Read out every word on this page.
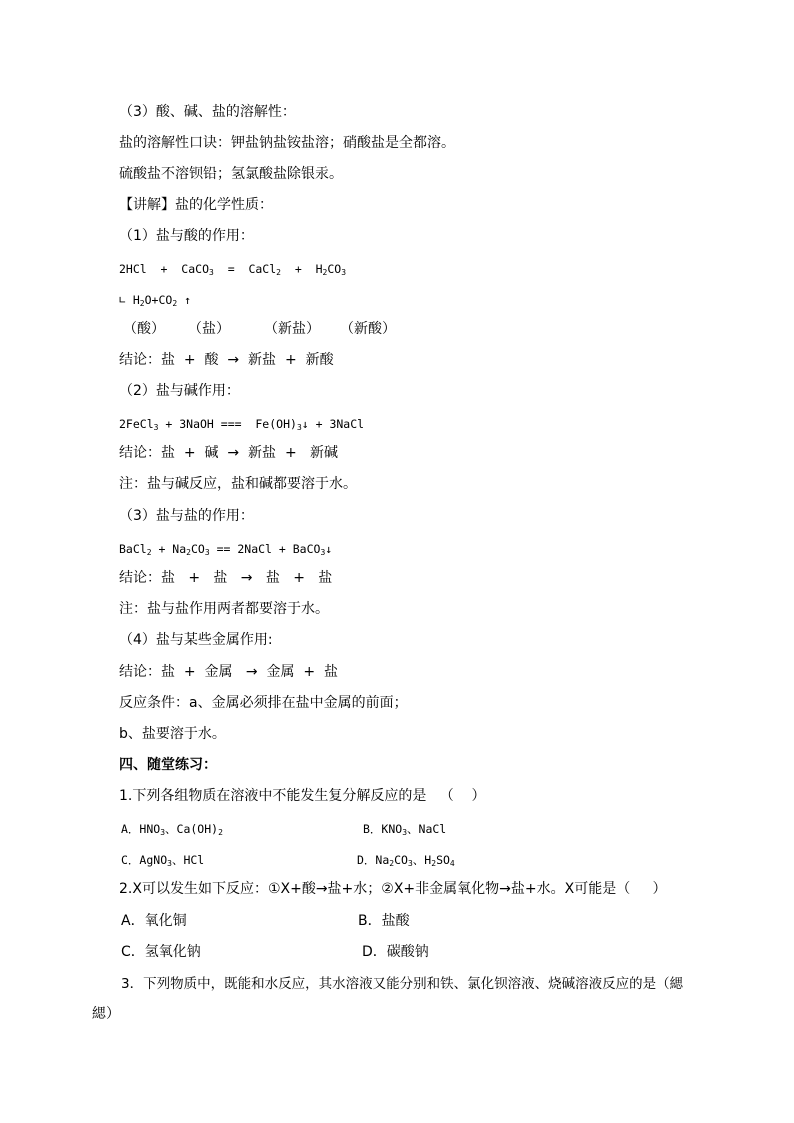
（3）酸、碱、盐的溶解性：
盐的溶解性口诀：钾盐钠盐铵盐溶；硝酸盐是全都溶。
硫酸盐不溶钡铅；氢氯酸盐除银汞。
【讲解】盐的化学性质：
（1）盐与酸的作用：
2HCl  +  CaCO$_3$  =  CaCl$_2$  +  $H_2CO_3$
∟ $H_2O+CO_2$ ↑
（酸） （盐） （新盐） （新酸）
结论：盐  +  酸  →  新盐  +  新酸
（2）盐与碱作用：
2FeCl$_3$ + 3NaOH ===  $Fe(OH)_3↓$ + 3NaCl
结论：盐  +  碱  →  新盐  +   新碱
注：盐与碱反应，盐和碱都要溶于水。
（3）盐与盐的作用：
BaCl$_2$ + $Na_2CO_3$ == 2NaCl + BaCO$_3$↓
结论：盐   +   盐   →   盐   +   盐
注：盐与盐作用两者都要溶于水。
（4）盐与某些金属作用:
结论：盐  +  金属   →  金属  +  盐
反应条件：a、金属必须排在盐中金属的前面；
b、盐要溶于水。
四、随堂练习：
1.下列各组物质在溶液中不能发生复分解反应的是   （    ）
A．$HNO_3$、$Ca(OH)_2$	B．$KNO_3$、NaCl
C．AgNO$_3$、HCl	D．$Na_2CO_3$、$H_2SO_4$
2.X可以发生如下反应：①X+酸→盐+水；②X+非金属氧化物→盐+水。X可能是（     ）
A．氧化铜	B．盐酸
C．氢氧化钠	D．碳酸钠
3．下列物质中，既能和水反应，其水溶液又能分别和铁、氯化钡溶液、烧碱溶液反应的是（緦
緦）
